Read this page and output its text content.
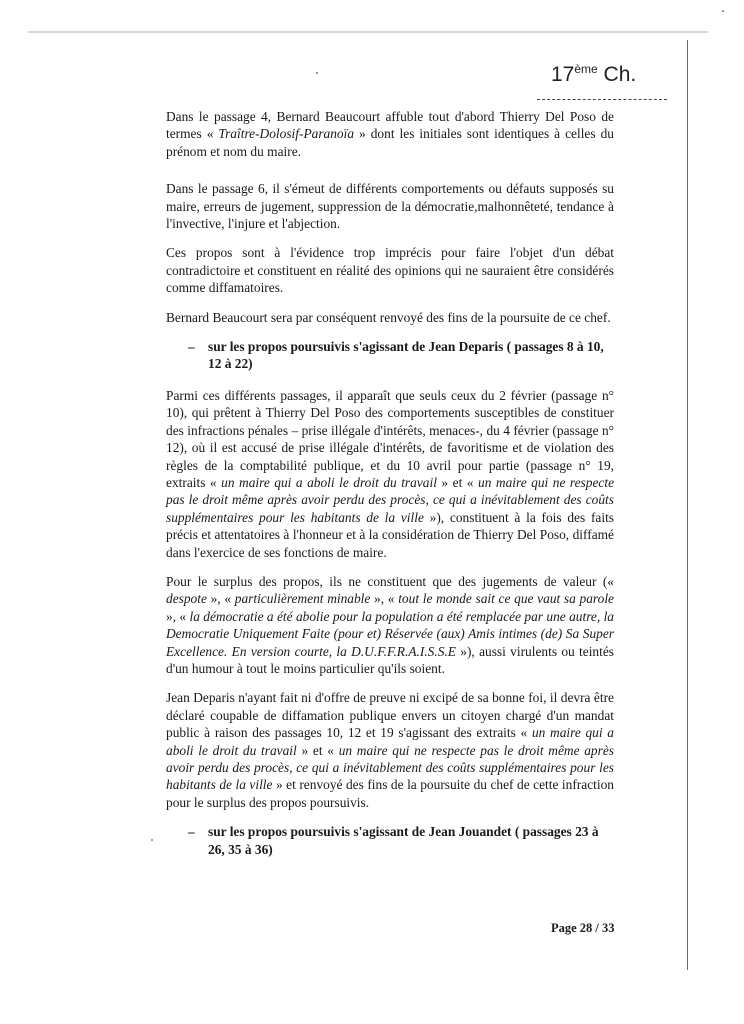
17ème Ch.

Dans le passage 4, Bernard Beaucourt affuble tout d'abord Thierry Del Poso de termes « Traître-Dolosif-Paranoïa » dont les initiales sont identiques à celles du prénom et nom du maire.

Dans le passage 6, il s'émeut de différents comportements ou défauts supposés su maire, erreurs de jugement, suppression de la démocratie,malhonnêteté, tendance à l'invective, l'injure et l'abjection.

Ces propos sont à l'évidence trop imprécis pour faire l'objet d'un débat contradictoire et constituent en réalité des opinions qui ne sauraient être considérés comme diffamatoires.

Bernard Beaucourt sera par conséquent renvoyé des fins de la poursuite de ce chef.

– sur les propos poursuivis s'agissant de Jean Deparis ( passages 8 à 10, 12 à 22)

Parmi ces différents passages, il apparaît que seuls ceux du 2 février (passage n° 10), qui prêtent à Thierry Del Poso des comportements susceptibles de constituer des infractions pénales – prise illégale d'intérêts, menaces-, du 4 février (passage n° 12), où il est accusé de prise illégale d'intérêts, de favoritisme et de violation des règles de la comptabilité publique, et du 10 avril pour partie (passage n° 19, extraits « un maire qui a aboli le droit du travail » et « un maire qui ne respecte pas le droit même après avoir perdu des procès, ce qui a inévitablement des coûts supplémentaires pour les habitants de la ville »), constituent à la fois des faits précis et attentatoires à l'honneur et à la considération de Thierry Del Poso, diffamé dans l'exercice de ses fonctions de maire.

Pour le surplus des propos, ils ne constituent que des jugements de valeur (« despote », « particulièrement minable », « tout le monde sait ce que vaut sa parole », « la démocratie a été abolie pour la population a été remplacée par une autre, la Democratie Uniquement Faite (pour et) Réservée (aux) Amis intimes (de) Sa Super Excellence. En version courte, la D.U.F.F.R.A.I.S.S.E »), aussi virulents ou teintés d'un humour à tout le moins particulier qu'ils soient.

Jean Deparis n'ayant fait ni d'offre de preuve ni excipé de sa bonne foi, il devra être déclaré coupable de diffamation publique envers un citoyen chargé d'un mandat public à raison des passages 10, 12 et 19 s'agissant des extraits « un maire qui a aboli le droit du travail » et « un maire qui ne respecte pas le droit même après avoir perdu des procès, ce qui a inévitablement des coûts supplémentaires pour les habitants de la ville » et renvoyé des fins de la poursuite du chef de cette infraction pour le surplus des propos poursuivis.

– sur les propos poursuivis s'agissant de Jean Jouandet ( passages 23 à 26, 35 à 36)
Page 28 / 33
